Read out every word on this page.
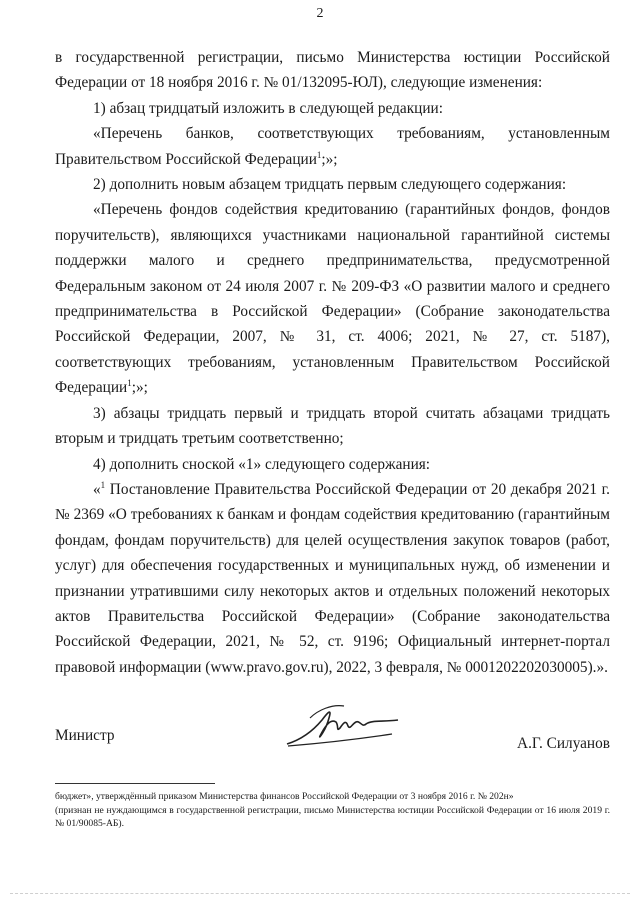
2

в государственной регистрации, письмо Министерства юстиции Российской Федерации от 18 ноября 2016 г. № 01/132095-ЮЛ), следующие изменения:

1) абзац тридцатый изложить в следующей редакции:

«Перечень банков, соответствующих требованиям, установленным Правительством Российской Федерации$^1$;»;

2) дополнить новым абзацем тридцать первым следующего содержания:

«Перечень фондов содействия кредитованию (гарантийных фондов, фондов поручительств), являющихся участниками национальной гарантийной системы поддержки малого и среднего предпринимательства, предусмотренной Федеральным законом от 24 июля 2007 г. № 209-ФЗ «О развитии малого и среднего предпринимательства в Российской Федерации» (Собрание законодательства Российской Федерации, 2007, № 31, ст. 4006; 2021, № 27, ст. 5187), соответствующих требованиям, установленным Правительством Российской Федерации$^1$;»;

3) абзацы тридцать первый и тридцать второй считать абзацами тридцать вторым и тридцать третьим соответственно;

4) дополнить сноской «1» следующего содержания:

«$^1$ Постановление Правительства Российской Федерации от 20 декабря 2021 г. № 2369 «О требованиях к банкам и фондам содействия кредитованию (гарантийным фондам, фондам поручительств) для целей осуществления закупок товаров (работ, услуг) для обеспечения государственных и муниципальных нужд, об изменении и признании утратившими силу некоторых актов и отдельных положений некоторых актов Правительства Российской Федерации» (Собрание законодательства Российской Федерации, 2021, № 52, ст. 9196; Официальный интернет-портал правовой информации (www.pravo.gov.ru), 2022, 3 февраля, № 0001202202030005).».

Министр	А.Г. Силуанов

бюджет», утверждённый приказом Министерства финансов Российской Федерации от 3 ноября 2016 г. № 202н»

(признан не нуждающимся в государственной регистрации, письмо Министерства юстиции Российской Федерации от 16 июля 2019 г. № 01/90085-АБ).
